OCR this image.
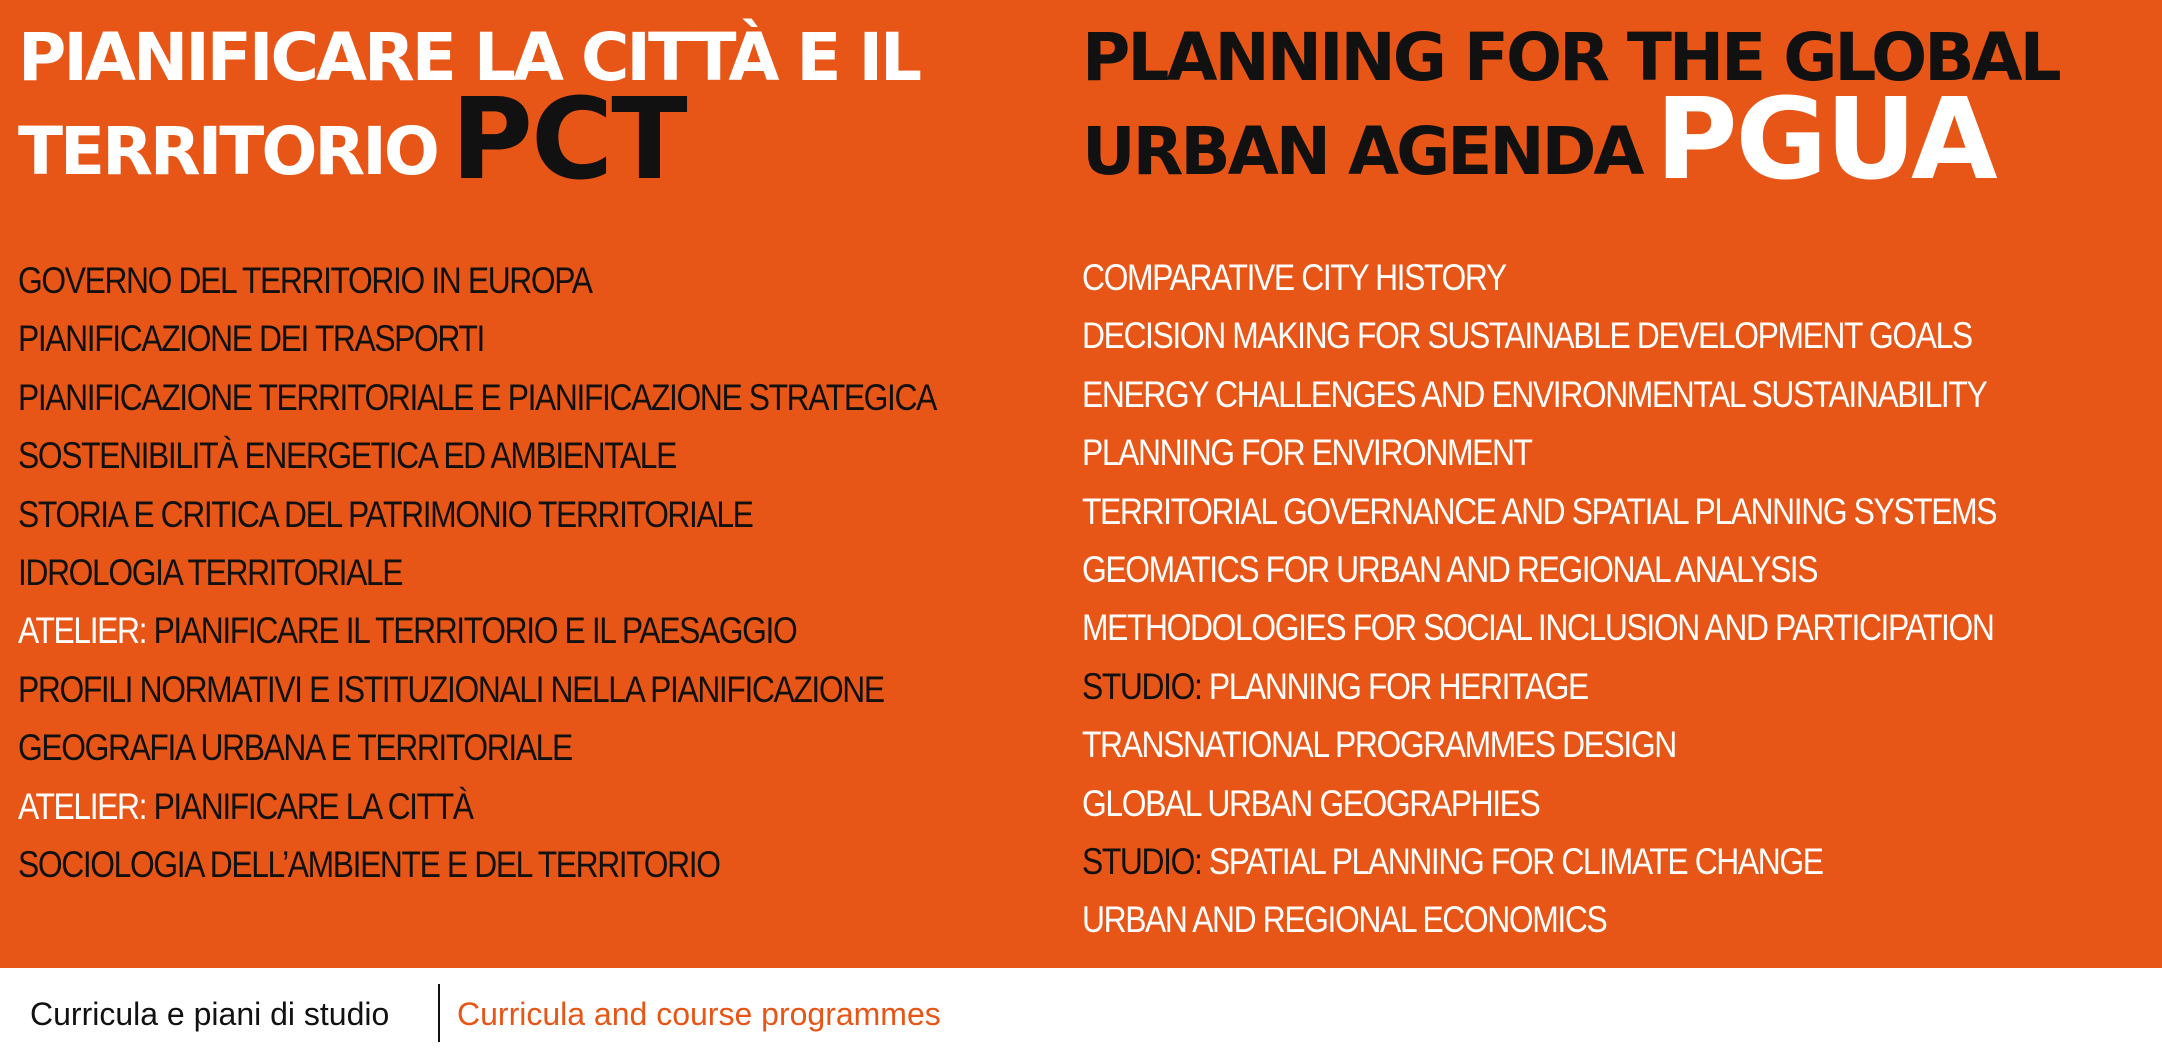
PIANIFICARE LA CITTÀ E IL
TERRITORIO PCT
GOVERNO DEL TERRITORIO IN EUROPA
PIANIFICAZIONE DEI TRASPORTI
PIANIFICAZIONE TERRITORIALE E PIANIFICAZIONE STRATEGICA
SOSTENIBILITÀ ENERGETICA ED AMBIENTALE
STORIA E CRITICA DEL PATRIMONIO TERRITORIALE
IDROLOGIA TERRITORIALE
ATELIER: PIANIFICARE IL TERRITORIO E IL PAESAGGIO
PROFILI NORMATIVI E ISTITUZIONALI NELLA PIANIFICAZIONE
GEOGRAFIA URBANA E TERRITORIALE
ATELIER: PIANIFICARE LA CITTÀ
SOCIOLOGIA DELL’AMBIENTE E DEL TERRITORIO
PLANNING FOR THE GLOBAL
URBAN AGENDA PGUA
COMPARATIVE CITY HISTORY
DECISION MAKING FOR SUSTAINABLE DEVELOPMENT GOALS
ENERGY CHALLENGES AND ENVIRONMENTAL SUSTAINABILITY
PLANNING FOR ENVIRONMENT
TERRITORIAL GOVERNANCE AND SPATIAL PLANNING SYSTEMS
GEOMATICS FOR URBAN AND REGIONAL ANALYSIS
METHODOLOGIES FOR SOCIAL INCLUSION AND PARTICIPATION
STUDIO: PLANNING FOR HERITAGE
TRANSNATIONAL PROGRAMMES DESIGN
GLOBAL URBAN GEOGRAPHIES
STUDIO: SPATIAL PLANNING FOR CLIMATE CHANGE
URBAN AND REGIONAL ECONOMICS
Curricula e piani di studio Curricula and course programmes
